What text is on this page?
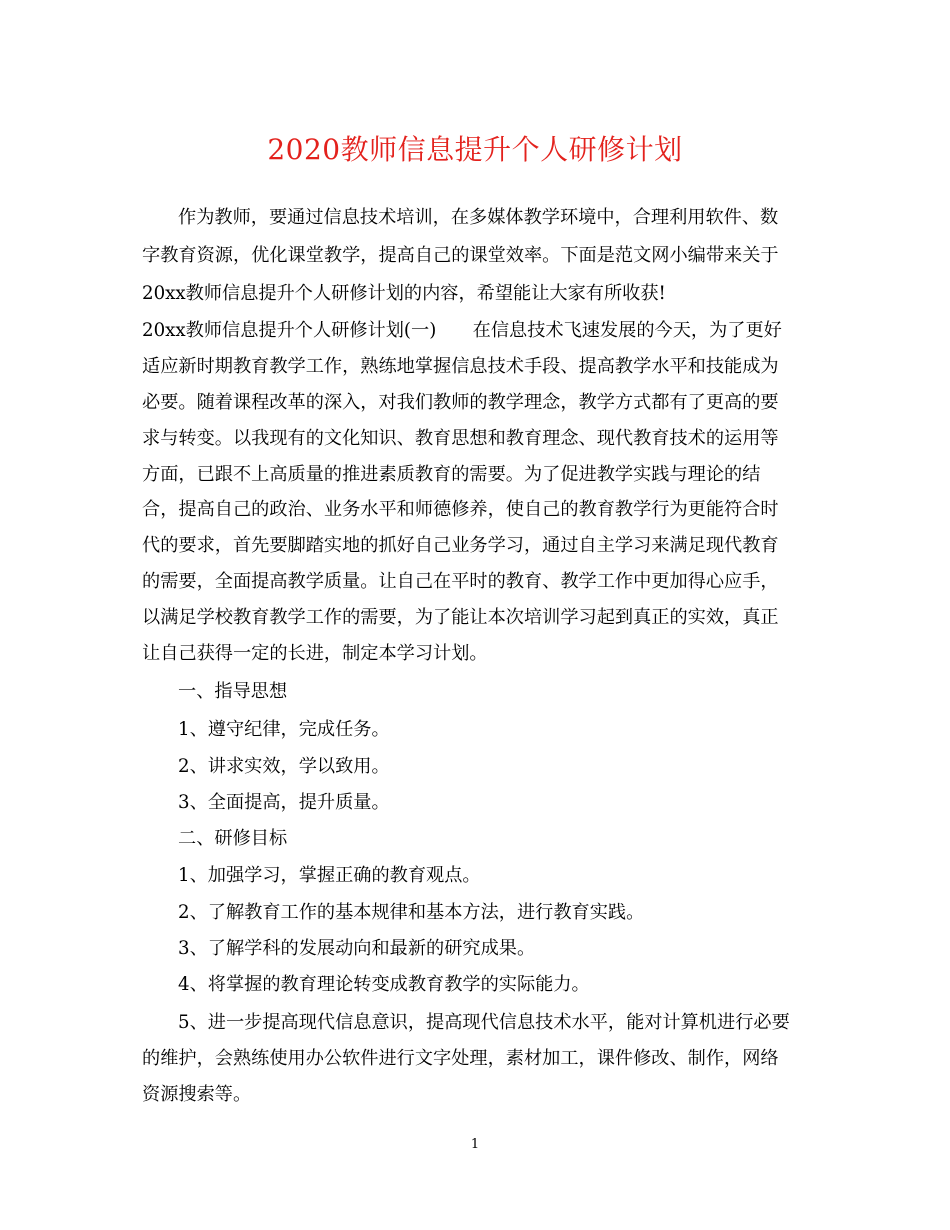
2020教师信息提升个人研修计划

作为教师，要通过信息技术培训，在多媒体教学环境中，合理利用软件、数

字教育资源，优化课堂教学，提高自己的课堂效率。下面是范文网小编带来关于

20xx教师信息提升个人研修计划的内容，希望能让大家有所收获!

20xx教师信息提升个人研修计划(一)　　在信息技术飞速发展的今天，为了更好

适应新时期教育教学工作，熟练地掌握信息技术手段、提高教学水平和技能成为

必要。随着课程改革的深入，对我们教师的教学理念，教学方式都有了更高的要

求与转变。以我现有的文化知识、教育思想和教育理念、现代教育技术的运用等

方面，已跟不上高质量的推进素质教育的需要。为了促进教学实践与理论的结

合，提高自己的政治、业务水平和师德修养，使自己的教育教学行为更能符合时

代的要求，首先要脚踏实地的抓好自己业务学习，通过自主学习来满足现代教育

的需要，全面提高教学质量。让自己在平时的教育、教学工作中更加得心应手，

以满足学校教育教学工作的需要，为了能让本次培训学习起到真正的实效，真正

让自己获得一定的长进，制定本学习计划。

一、指导思想

1、遵守纪律，完成任务。

2、讲求实效，学以致用。

3、全面提高，提升质量。

二、研修目标

1、加强学习，掌握正确的教育观点。

2、了解教育工作的基本规律和基本方法，进行教育实践。

3、了解学科的发展动向和最新的研究成果。

4、将掌握的教育理论转变成教育教学的实际能力。

5、进一步提高现代信息意识，提高现代信息技术水平，能对计算机进行必要

的维护，会熟练使用办公软件进行文字处理，素材加工，课件修改、制作，网络

资源搜索等。

1
